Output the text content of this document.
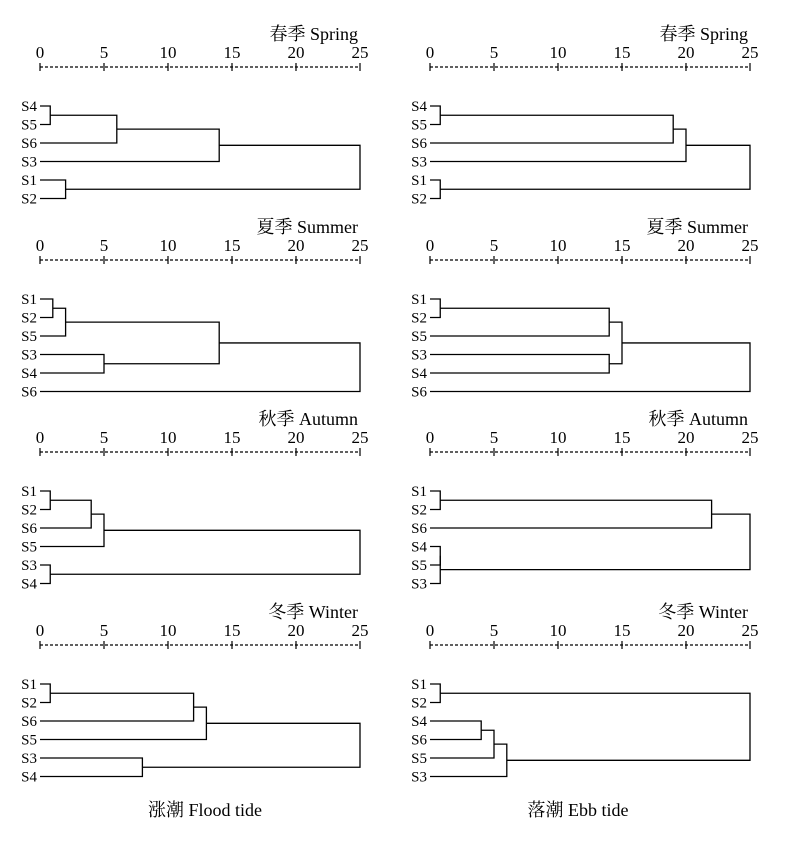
春季 Spring
0	5	10	15	20	25
S4
S5
S6
S3
S1
S2
春季 Spring
0	5	10	15	20	25
S4
S5
S6
S3
S1
S2
夏季 Summer
0	5	10	15	20	25
S1
S2
S5
S3
S4
S6
夏季 Summer
0	5	10	15	20	25
S1
S2
S5
S3
S4
S6
秋季 Autumn
0	5	10	15	20	25
S1
S2
S6
S5
S3
S4
秋季 Autumn
0	5	10	15	20	25
S1
S2
S6
S4
S5
S3
冬季 Winter
0	5	10	15	20	25
S1
S2
S6
S5
S3
S4
冬季 Winter
0	5	10	15	20	25
S1
S2
S4
S6
S5
S3
涨潮 Flood tide	落潮 Ebb tide
